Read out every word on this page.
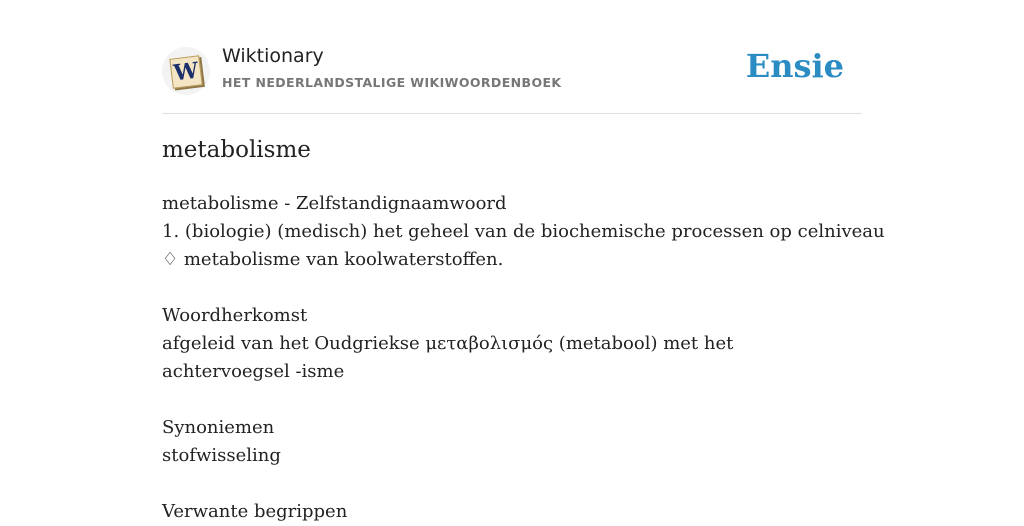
W
Wiktionary
HET NEDERLANDSTALIGE WIKIWOORDENBOEK	Ensie
metabolisme
metabolisme - Zelfstandignaamwoord
1. (biologie) (medisch) het geheel van de biochemische processen op celniveau
♢ metabolisme van koolwaterstoffen.
Woordherkomst
afgeleid van het Oudgriekse μεταβολισμός (metabool) met het achtervoegsel -isme
Synoniemen
stofwisseling
Verwante begrippen
